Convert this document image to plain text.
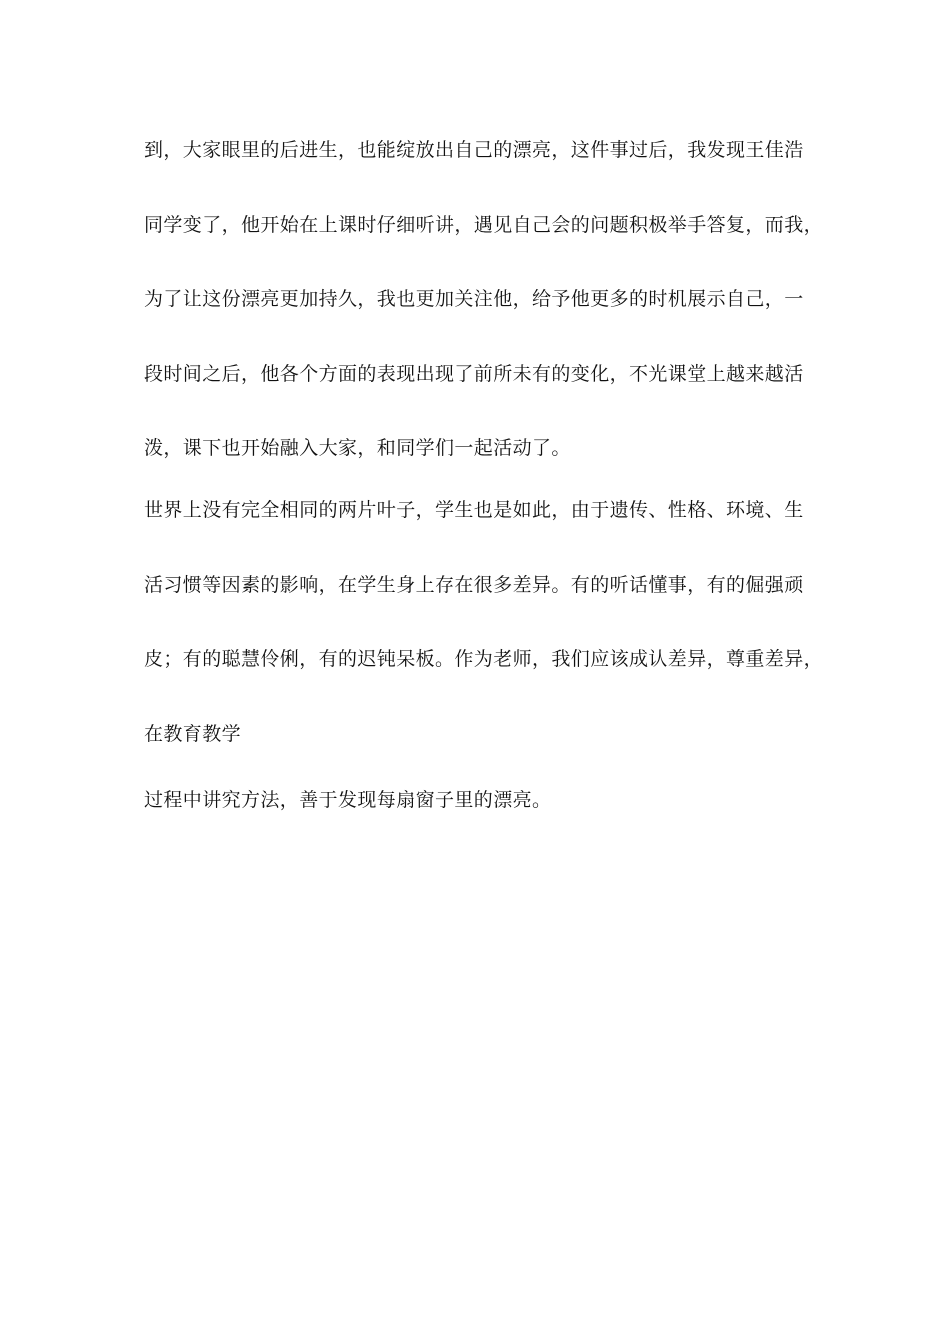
到，大家眼里的后进生，也能绽放出自己的漂亮，这件事过后，我发现王佳浩
同学变了，他开始在上课时仔细听讲，遇见自己会的问题积极举手答复，而我，
为了让这份漂亮更加持久，我也更加关注他，给予他更多的时机展示自己，一
段时间之后，他各个方面的表现出现了前所未有的变化，不光课堂上越来越活
泼，课下也开始融入大家，和同学们一起活动了。
世界上没有完全相同的两片叶子，学生也是如此，由于遗传、性格、环境、生
活习惯等因素的影响，在学生身上存在很多差异。有的听话懂事，有的倔强顽
皮；有的聪慧伶俐，有的迟钝呆板。作为老师，我们应该成认差异，尊重差异，
在教育教学
过程中讲究方法，善于发现每扇窗子里的漂亮。
